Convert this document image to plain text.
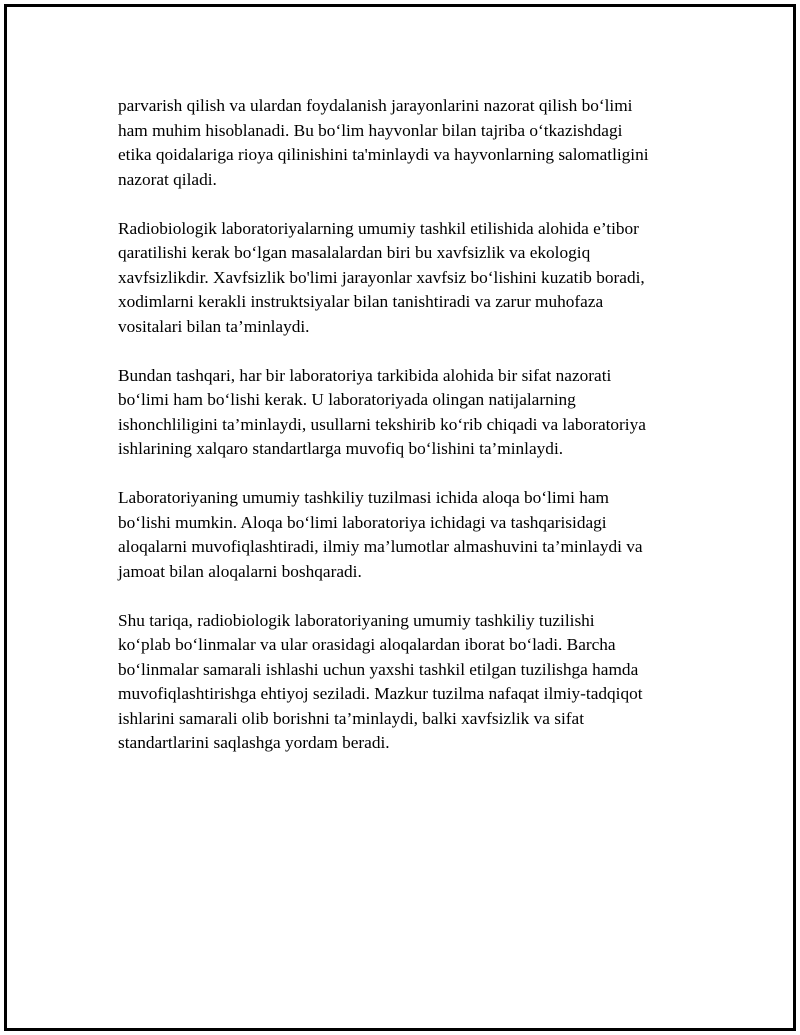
parvarish qilish va ulardan foydalanish jarayonlarini nazorat qilish bo‘limi
ham muhim hisoblanadi. Bu bo‘lim hayvonlar bilan tajriba o‘tkazishdagi
etika qoidalariga rioya qilinishini ta'minlaydi va hayvonlarning salomatligini
nazorat qiladi.

Radiobiologik laboratoriyalarning umumiy tashkil etilishida alohida e’tibor
qaratilishi kerak bo‘lgan masalalardan biri bu xavfsizlik va ekologiq
xavfsizlikdir. Xavfsizlik bo'limi jarayonlar xavfsiz bo‘lishini kuzatib boradi,
xodimlarni kerakli instruktsiyalar bilan tanishtiradi va zarur muhofaza
vositalari bilan ta’minlaydi.

Bundan tashqari, har bir laboratoriya tarkibida alohida bir sifat nazorati
bo‘limi ham bo‘lishi kerak. U laboratoriyada olingan natijalarning
ishonchliligini ta’minlaydi, usullarni tekshirib ko‘rib chiqadi va laboratoriya
ishlarining xalqaro standartlarga muvofiq bo‘lishini ta’minlaydi.

Laboratoriyaning umumiy tashkiliy tuzilmasi ichida aloqa bo‘limi ham
bo‘lishi mumkin. Aloqa bo‘limi laboratoriya ichidagi va tashqarisidagi
aloqalarni muvofiqlashtiradi, ilmiy ma’lumotlar almashuvini ta’minlaydi va
jamoat bilan aloqalarni boshqaradi.

Shu tariqa, radiobiologik laboratoriyaning umumiy tashkiliy tuzilishi
ko‘plab bo‘linmalar va ular orasidagi aloqalardan iborat bo‘ladi. Barcha
bo‘linmalar samarali ishlashi uchun yaxshi tashkil etilgan tuzilishga hamda
muvofiqlashtirishga ehtiyoj seziladi. Mazkur tuzilma nafaqat ilmiy-tadqiqot
ishlarini samarali olib borishni ta’minlaydi, balki xavfsizlik va sifat
standartlarini saqlashga yordam beradi.
